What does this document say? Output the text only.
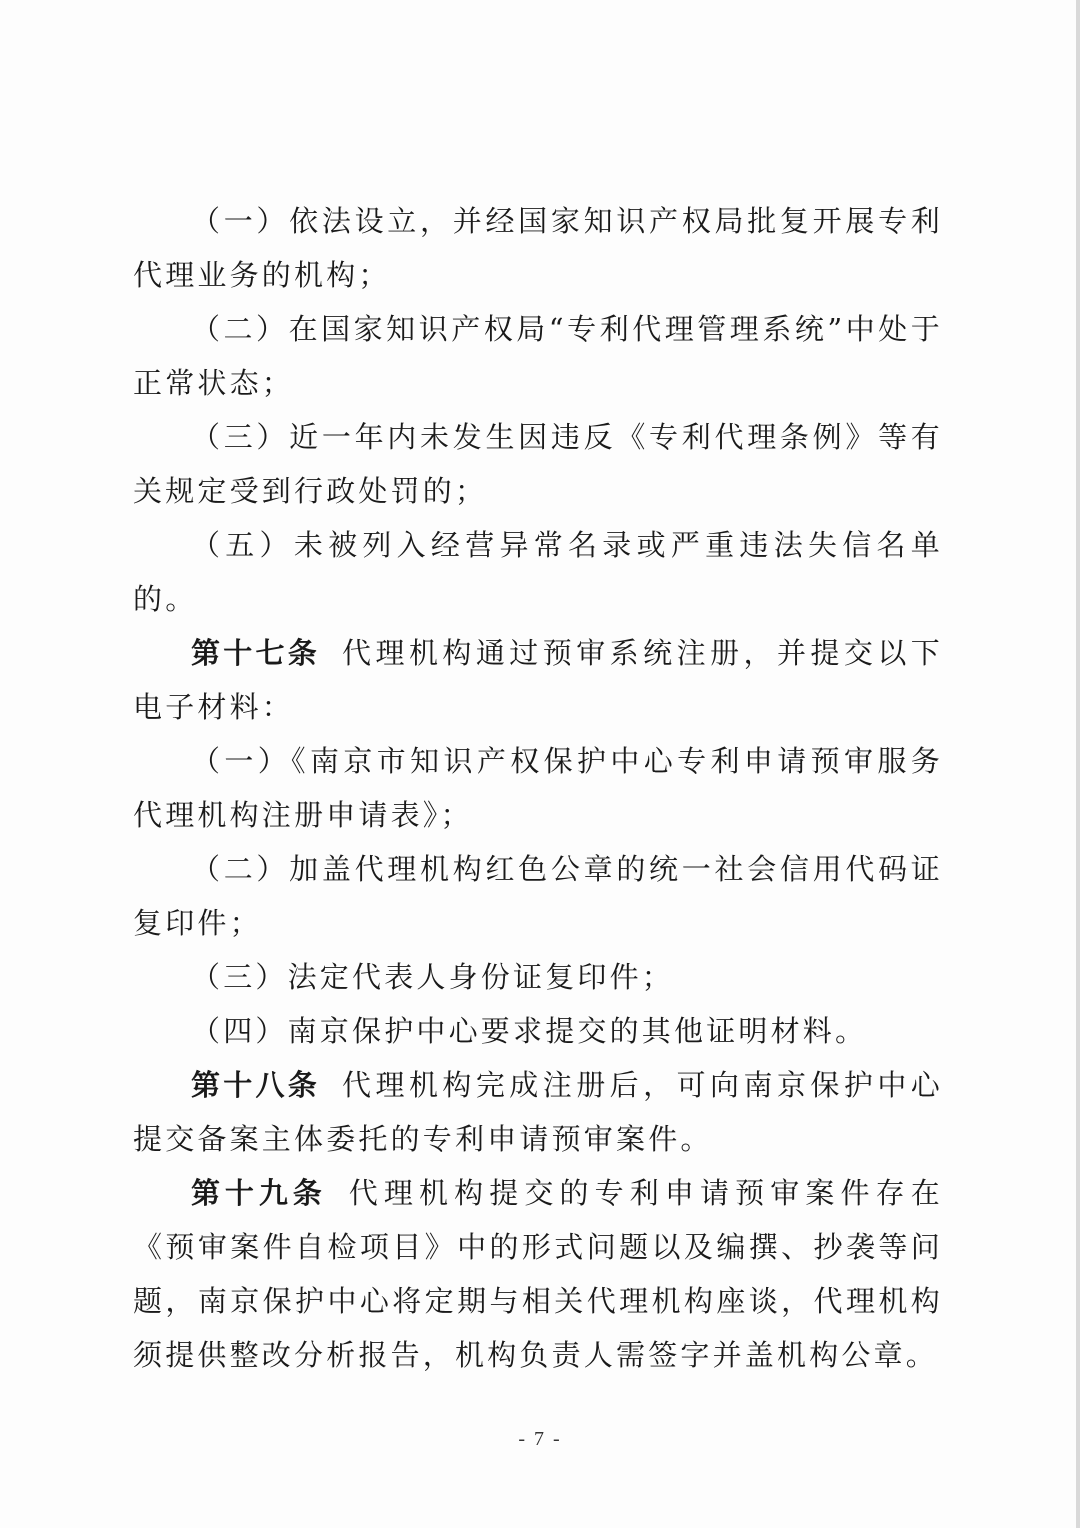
（一）依法设立，并经国家知识产权局批复开展专利代理业务的机构；

（二）在国家知识产权局“专利代理管理系统”中处于正常状态；

（三）近一年内未发生因违反《专利代理条例》等有关规定受到行政处罚的；

（五）未被列入经营异常名录或严重违法失信名单的。

第十七条 代理机构通过预审系统注册，并提交以下电子材料：

（一）《南京市知识产权保护中心专利申请预审服务代理机构注册申请表》；

（二）加盖代理机构红色公章的统一社会信用代码证复印件；

（三）法定代表人身份证复印件；

（四）南京保护中心要求提交的其他证明材料。

第十八条 代理机构完成注册后，可向南京保护中心提交备案主体委托的专利申请预审案件。

第十九条 代理机构提交的专利申请预审案件存在《预审案件自检项目》中的形式问题以及编撰、抄袭等问题，南京保护中心将定期与相关代理机构座谈，代理机构须提供整改分析报告，机构负责人需签字并盖机构公章。

- 7 -
